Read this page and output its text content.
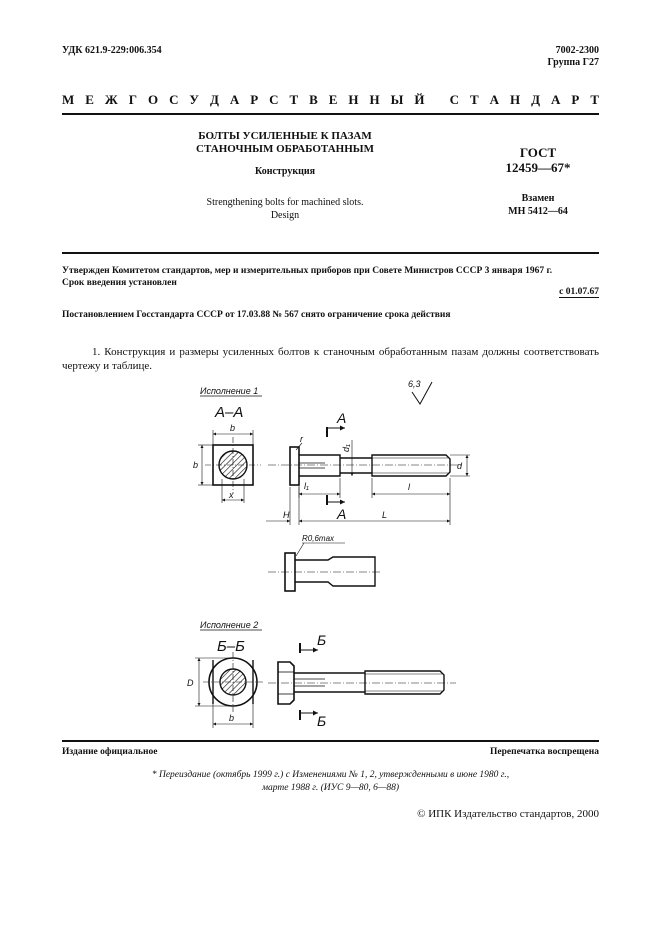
УДК 621.9-229:006.354	7002-2300
Группа Г27
М Е Ж Г О С У Д А Р С Т В Е Н Н Ы Й
С Т А Н Д А Р Т
БОЛТЫ УСИЛЕННЫЕ К ПАЗАМ
СТАНОЧНЫМ ОБРАБОТАННЫМ
Конструкция
Strengthening bolts for machined slots.
Design
ГОСТ
12459—67*
Взамен
МН 5412—64
Утвержден Комитетом стандартов, мер и измерительных приборов при Совете Министров СССР 3 января 1967 г.
Срок введения установлен
с 01.07.67
Постановлением Госстандарта СССР от 17.03.88 № 567 снято ограничение срока действия
1. Конструкция и размеры усиленных болтов к станочным обработанным пазам должны соответствовать чертежу и таблице.
Исполнение 1
А–А
b
b
x
6,3
А
А
r
d₁
d
l₁	l
H	L
R0,6max
Исполнение 2
Б–Б
D
b
Б
Б
Издание официальное	Перепечатка воспрещена
* Переиздание (октябрь 1999 г.) с Изменениями № 1, 2, утвержденными в июне 1980 г.,
марте 1988 г. (ИУС 9—80, 6—88)
© ИПК Издательство стандартов, 2000
